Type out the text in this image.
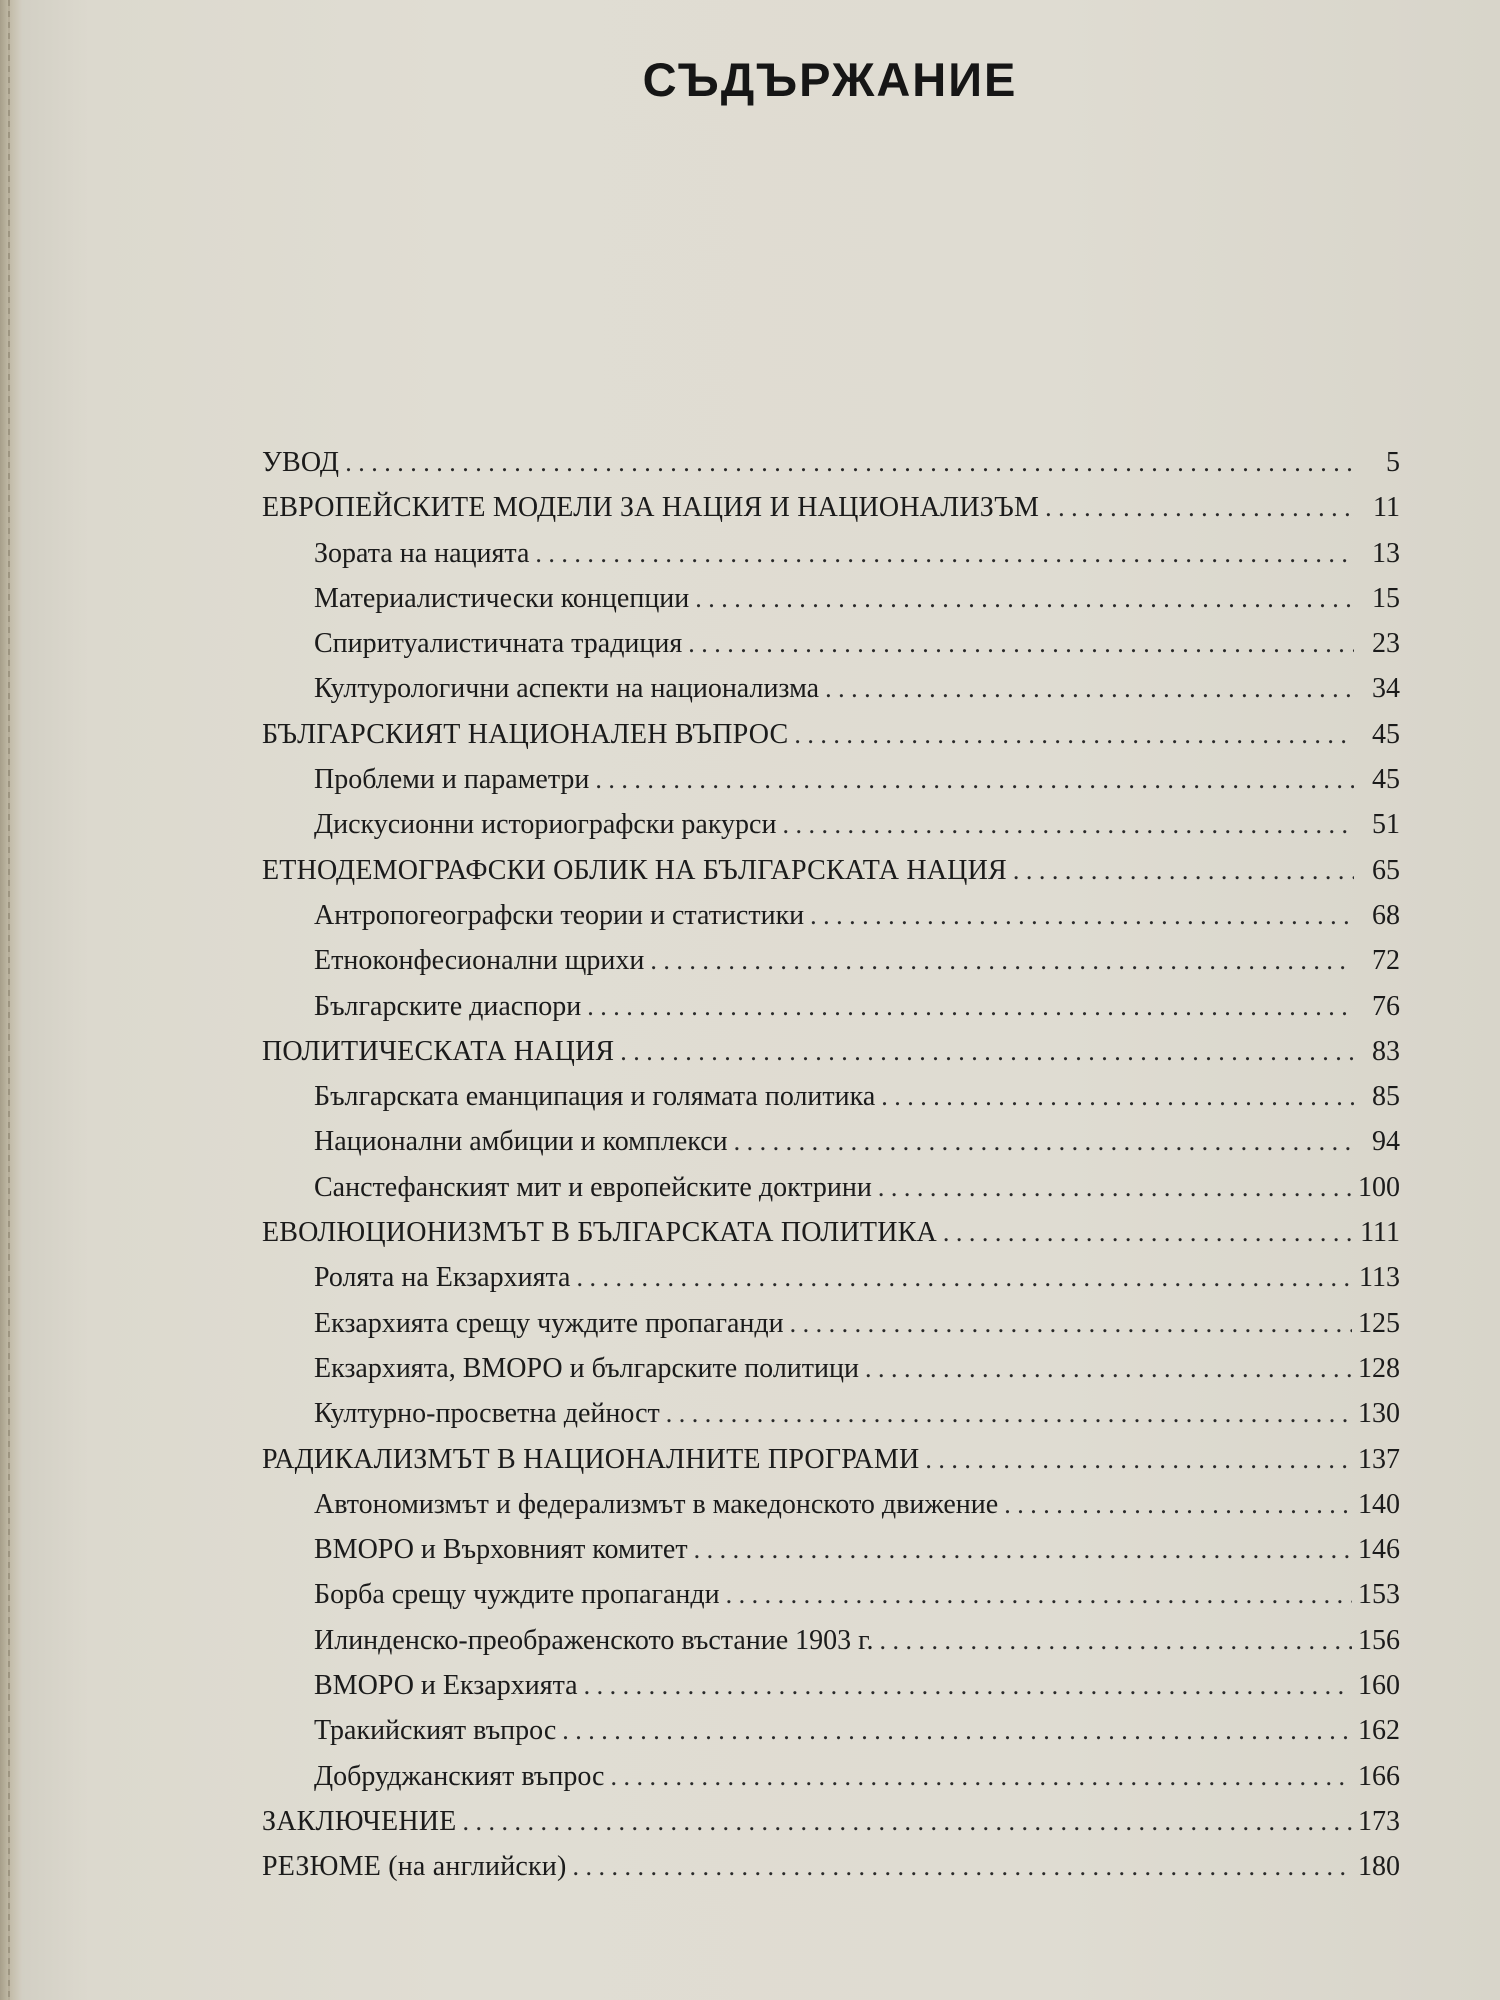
СЪДЪРЖАНИЕ
УВОД . . .	5
ЕВРОПЕЙСКИТЕ МОДЕЛИ ЗА НАЦИЯ И НАЦИОНАЛИЗЪМ . . .	11
Зората на нацията . . .	13
Материалистически концепции . . .	15
Спиритуалистичната традиция . . .	23
Културологични аспекти на национализма . . .	34
БЪЛГАРСКИЯТ НАЦИОНАЛЕН ВЪПРОС . . .	45
Проблеми и параметри . . .	45
Дискусионни историографски ракурси . . .	51
ЕТНОДЕМОГРАФСКИ ОБЛИК НА БЪЛГАРСКАТА НАЦИЯ . . .	65
Антропогеографски теории и статистики . . .	68
Етноконфесионални щрихи . . .	72
Българските диаспори . . .	76
ПОЛИТИЧЕСКАТА НАЦИЯ . . .	83
Българската еманципация и голямата политика . . .	85
Национални амбиции и комплекси . . .	94
Санстефанският мит и европейските доктрини . . .	100
ЕВОЛЮЦИОНИЗМЪТ В БЪЛГАРСКАТА ПОЛИТИКА . . .	111
Ролята на Екзархията . . .	113
Екзархията срещу чуждите пропаганди . . .	125
Екзархията, ВМОРО и българските политици . . .	128
Културно-просветна дейност . . .	130
РАДИКАЛИЗМЪТ В НАЦИОНАЛНИТЕ ПРОГРАМИ . . .	137
Автономизмът и федерализмът в македонското движение . . .	140
ВМОРО и Върховният комитет . . .	146
Борба срещу чуждите пропаганди . . .	153
Илинденско-преображенското въстание 1903 г. . . .	156
ВМОРО и Екзархията . . .	160
Тракийският въпрос . . .	162
Добруджанският въпрос . . .	166
ЗАКЛЮЧЕНИЕ . . .	173
РЕЗЮМЕ (на английски) . . .	180
